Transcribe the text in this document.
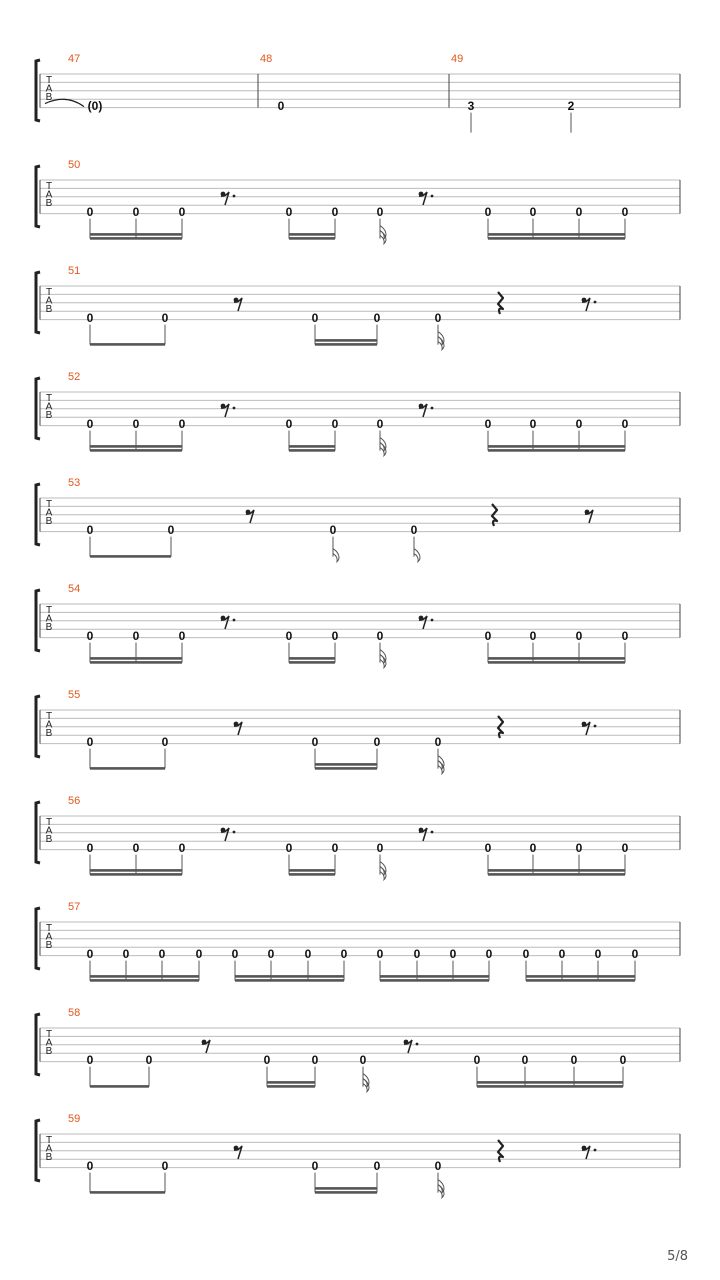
T
A
B
47	48	49
(0)	0	3	2
T
A
B
50
0	0	0	0	0	0	0	0	0	0
T
A
B
51
0	0	0	0	0
T
A
B
52
0	0	0	0	0	0	0	0	0	0
T
A
B
53
0	0	0	0
T
A
B
54
0	0	0	0	0	0	0	0	0	0
T
A
B
55
0	0	0	0	0
T
A
B
56
0	0	0	0	0	0	0	0	0	0
T
A
B
57
0 0 0	0 0 0	0 0 0	0 0 0	0 0 0	0
T
A
B
58
0	0	0	0	0	0	0	0	0
T
A
B
59
0	0	0	0	0
5/8
